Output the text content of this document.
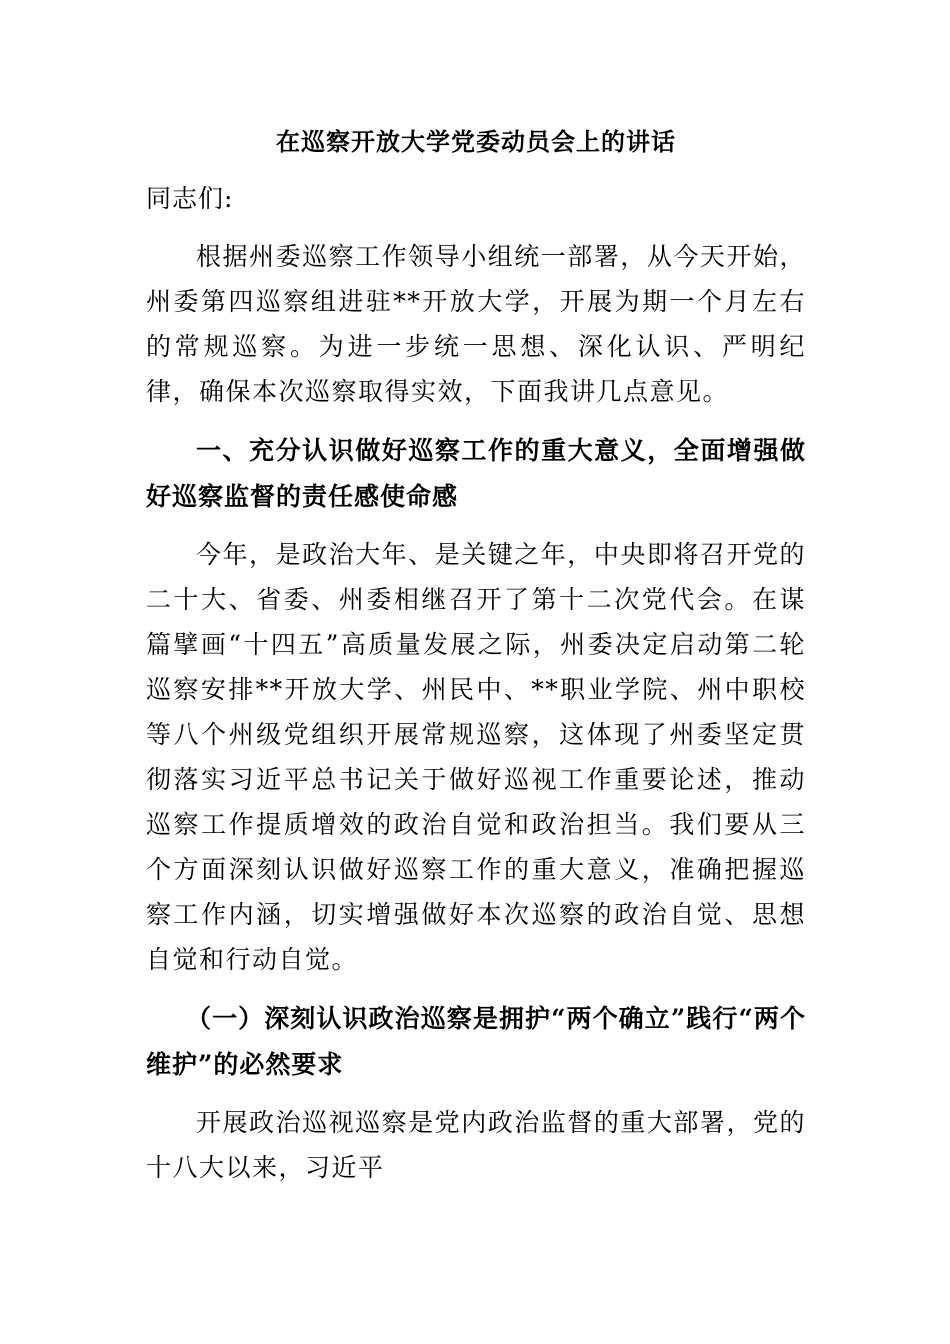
在巡察开放大学党委动员会上的讲话
同志们:

根据州委巡察工作领导小组统一部署，从今天开始，州委第四巡察组进驻**开放大学，开展为期一个月左右的常规巡察。为进一步统一思想、深化认识、严明纪律，确保本次巡察取得实效，下面我讲几点意见。

一、充分认识做好巡察工作的重大意义，全面增强做好巡察监督的责任感使命感

今年，是政治大年、是关键之年，中央即将召开党的二十大、省委、州委相继召开了第十二次党代会。在谋篇擘画“十四五”高质量发展之际，州委决定启动第二轮巡察安排**开放大学、州民中、**职业学院、州中职校等八个州级党组织开展常规巡察，这体现了州委坚定贯彻落实习近平总书记关于做好巡视工作重要论述，推动巡察工作提质增效的政治自觉和政治担当。我们要从三个方面深刻认识做好巡察工作的重大意义，准确把握巡察工作内涵，切实增强做好本次巡察的政治自觉、思想自觉和行动自觉。

（一）深刻认识政治巡察是拥护“两个确立”践行“两个维护”的必然要求

开展政治巡视巡察是党内政治监督的重大部署，党的十八大以来，习近平
